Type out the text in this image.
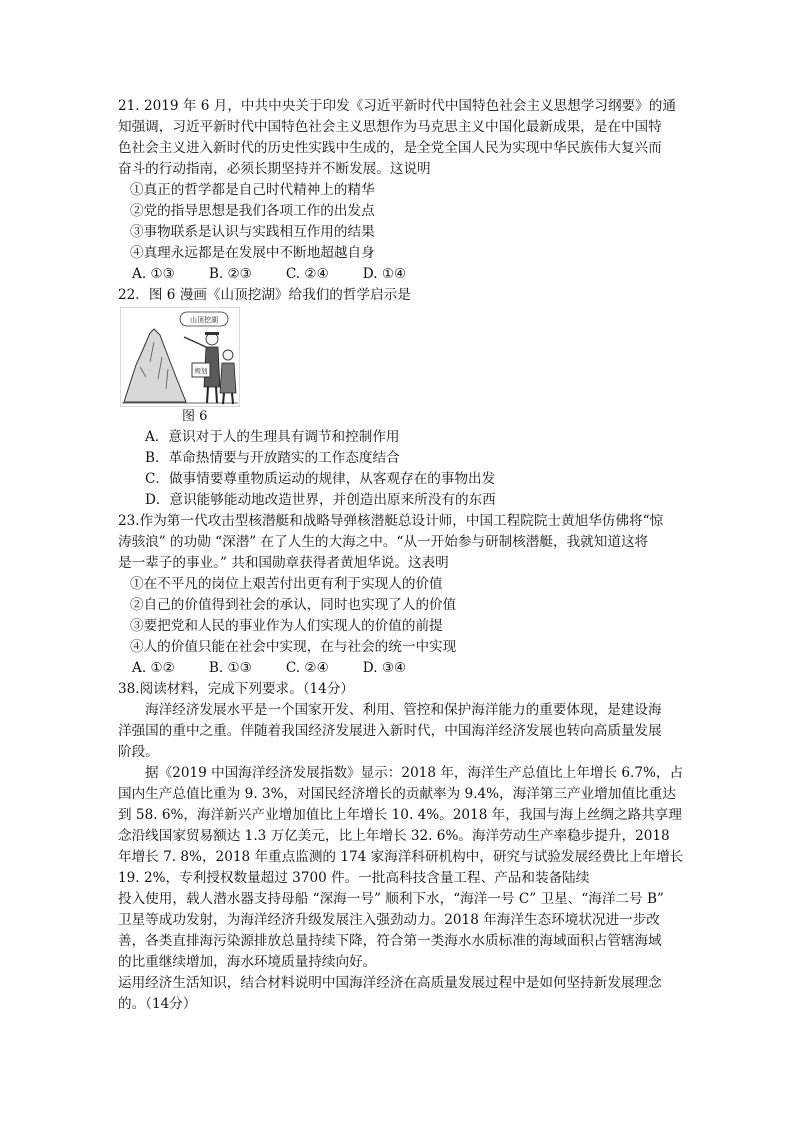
21. 2019 年 6 月，中共中央关于印发《习近平新时代中国特色社会主义思想学习纲要》的通

知强调，习近平新时代中国特色社会主义思想作为马克思主义中国化最新成果，是在中国特

色社会主义进入新时代的历史性实践中生成的，是全党全国人民为实现中华民族伟大复兴而

奋斗的行动指南，必须长期坚持并不断发展。这说明

①真正的哲学都是自己时代精神上的精华

②党的指导思想是我们各项工作的出发点

③事物联系是认识与实践相互作用的结果

④真理永远都是在发展中不断地超越自身

A. ①③	B. ②③	C. ②④	D. ①④

22．图 6 漫画《山顶挖湖》给我们的哲学启示是

山顶挖湖
规划
图 6

A．意识对于人的生理具有调节和控制作用

B．革命热情要与开放踏实的工作态度结合

C．做事情要尊重物质运动的规律，从客观存在的事物出发

D．意识能够能动地改造世界，并创造出原来所没有的东西

23.作为第一代攻击型核潜艇和战略导弹核潜艇总设计师，中国工程院院士黄旭华仿佛将“惊

涛骇浪” 的功勋 “深潜” 在了人生的大海之中。“从一开始参与研制核潜艇，我就知道这将

是一辈子的事业。” 共和国勋章获得者黄旭华说。这表明

①在不平凡的岗位上艰苦付出更有利于实现人的价值

②自己的价值得到社会的承认，同时也实现了人的价值

③要把党和人民的事业作为人们实现人的价值的前提

④人的价值只能在社会中实现，在与社会的统一中实现

A. ①②	B. ①③	C. ②④	D. ③④

38.阅读材料，完成下列要求。（14分）

海洋经济发展水平是一个国家开发、利用、管控和保护海洋能力的重要体现，是建设海

洋强国的重中之重。伴随着我国经济发展进入新时代，中国海洋经济发展也转向高质量发展

阶段。

据《2019 中国海洋经济发展指数》显示：2018 年，海洋生产总值比上年增长 6.7%，占

国内生产总值比重为 9. 3%，对国民经济增长的贡献率为 9.4%，海洋第三产业增加值比重达

到 58. 6%，海洋新兴产业增加值比上年增长 10. 4%。2018 年，我国与海上丝绸之路共享理

念沿线国家贸易额达 1.3 万亿美元，比上年增长 32. 6%。海洋劳动生产率稳步提升，2018

年增长 7. 8%，2018 年重点监测的 174 家海洋科研机构中，研究与试验发展经费比上年增长

19. 2%，专利授权数量超过 3700 件。一批高科技含量工程、产品和装备陆续

投入使用，载人潜水器支持母船 “深海一号” 顺利下水，“海洋一号 C” 卫星、“海洋二号 B”

卫星等成功发射，为海洋经济升级发展注入强劲动力。2018 年海洋生态环境状况进一步改

善，各类直排海污染源排放总量持续下降，符合第一类海水水质标准的海域面积占管辖海域

的比重继续增加，海水环境质量持续向好。

运用经济生活知识，结合材料说明中国海洋经济在高质量发展过程中是如何坚持新发展理念

的。（14分）
